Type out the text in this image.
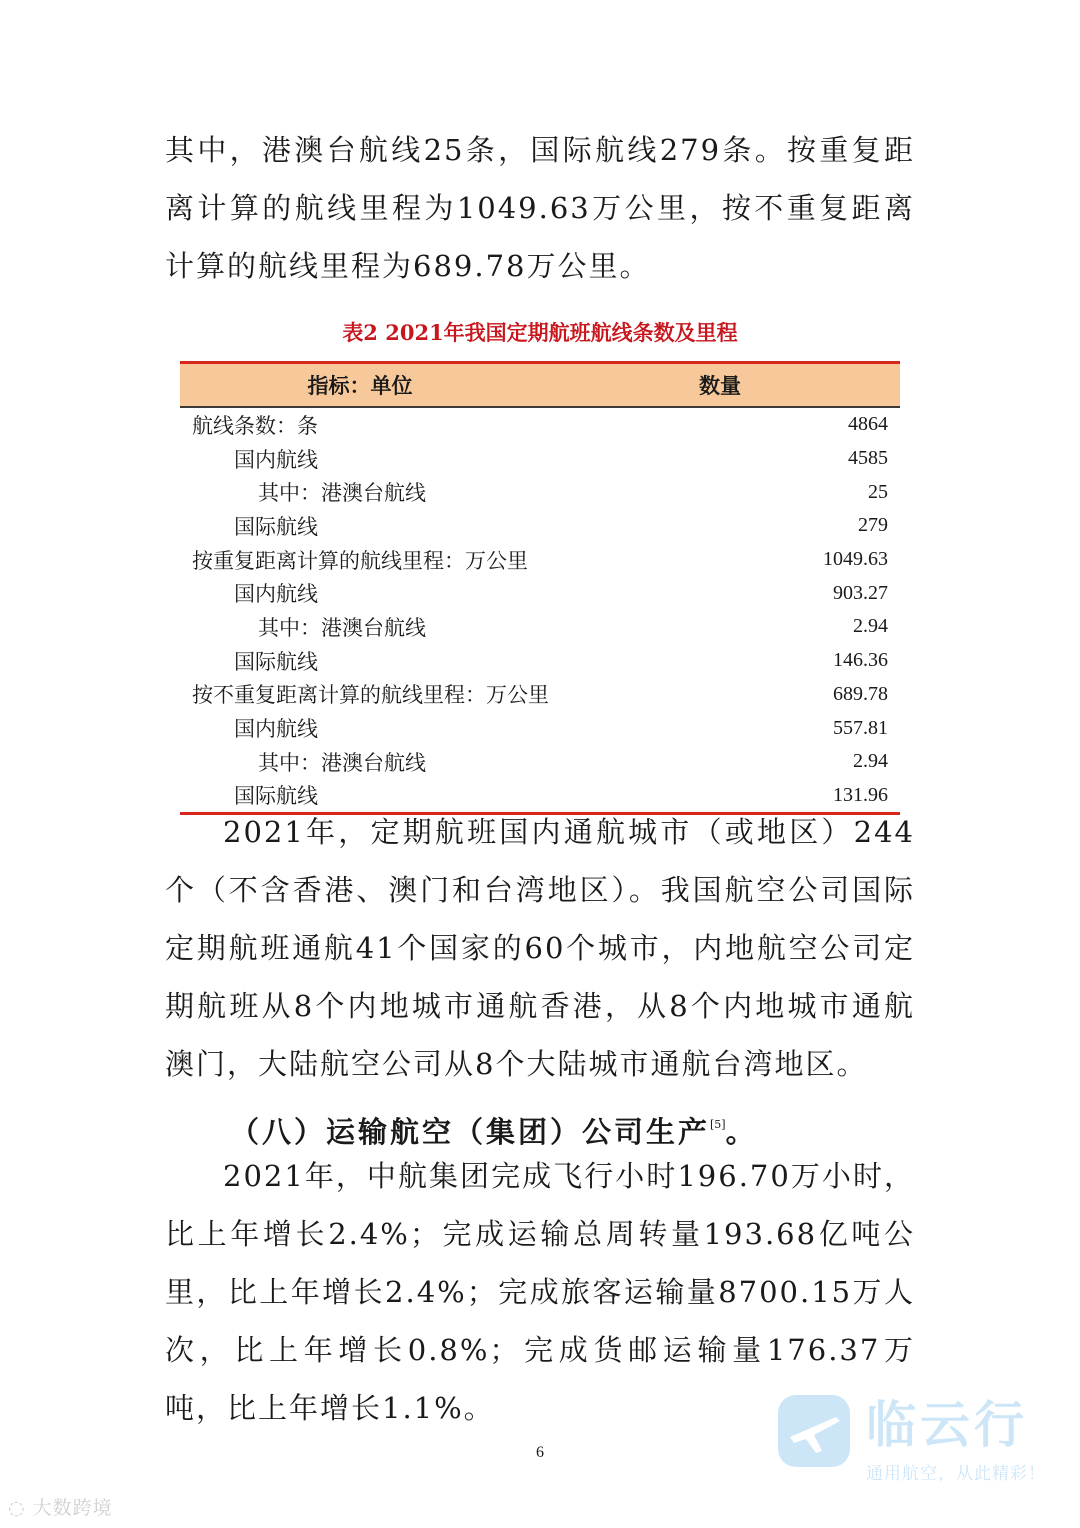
其中，港澳台航线25条，国际航线279条。按重复距离计算的航线里程为1049.63万公里，按不重复距离计算的航线里程为689.78万公里。

表2 2021年我国定期航班航线条数及里程
指标：单位	数量
航线条数：条	4864
国内航线	4585
其中：港澳台航线	25
国际航线	279
按重复距离计算的航线里程：万公里	1049.63
国内航线	903.27
其中：港澳台航线	2.94
国际航线	146.36
按不重复距离计算的航线里程：万公里	689.78
国内航线	557.81
其中：港澳台航线	2.94
国际航线	131.96

2021年，定期航班国内通航城市（或地区）244个（不含香港、澳门和台湾地区）。我国航空公司国际定期航班通航41个国家的60个城市，内地航空公司定期航班从8个内地城市通航香港，从8个内地城市通航澳门，大陆航空公司从8个大陆城市通航台湾地区。

（八）运输航空（集团）公司生产[5]。

2021年，中航集团完成飞行小时196.70万小时，比上年增长2.4%；完成运输总周转量193.68亿吨公里，比上年增长2.4%；完成旅客运输量8700.15万人次，比上年增长0.8%；完成货邮运输量176.37万吨，比上年增长1.1%。

6	临云行
通用航空，从此精彩！
◌ 大数跨境
